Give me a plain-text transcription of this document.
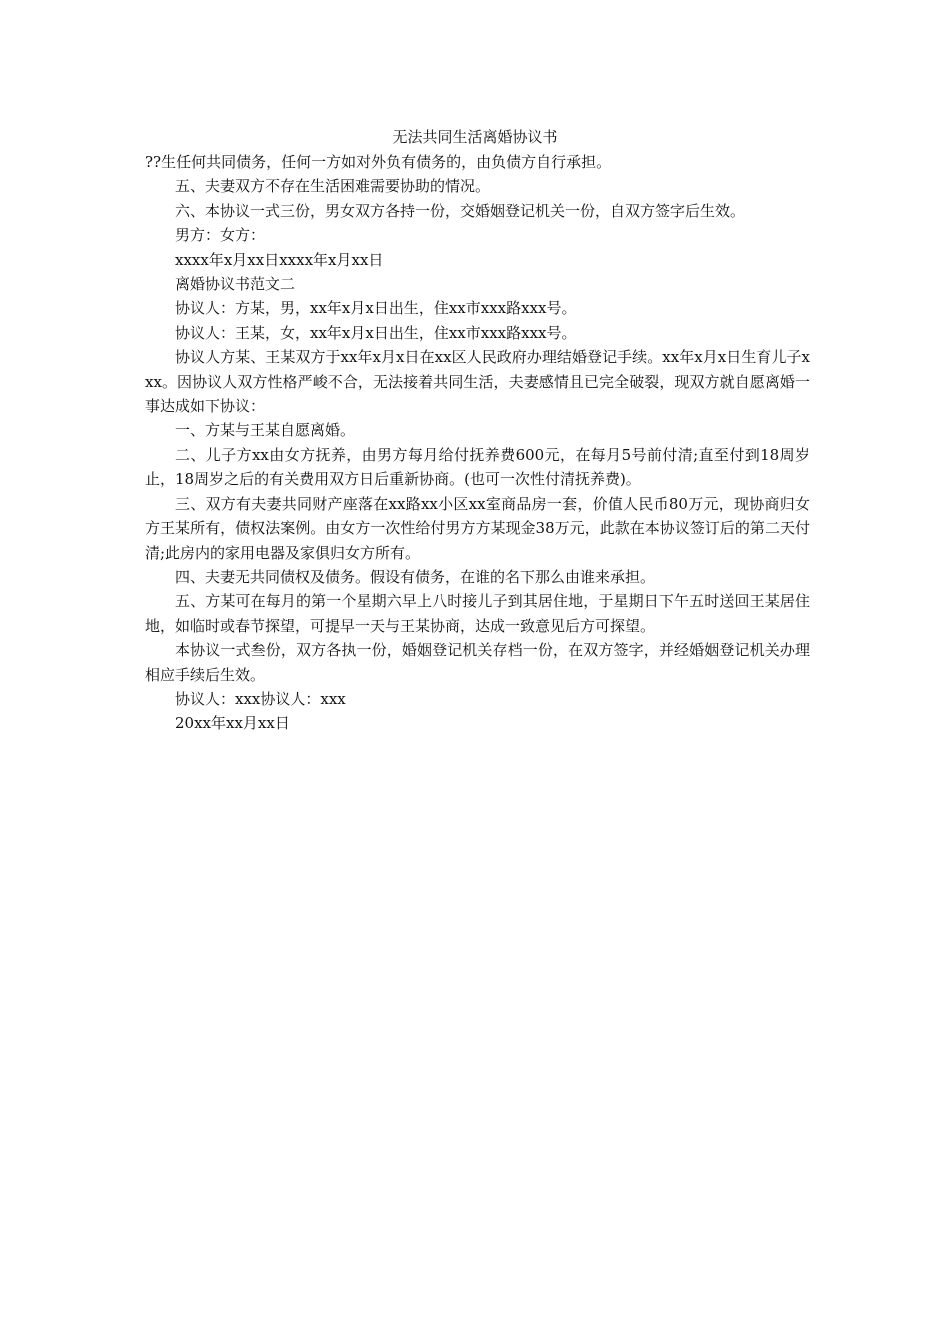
无法共同生活离婚协议书

??生任何共同债务，任何一方如对外负有债务的，由负债方自行承担。

五、夫妻双方不存在生活困难需要协助的情况。

六、本协议一式三份，男女双方各持一份，交婚姻登记机关一份，自双方签字后生效。

男方：女方：

xxxx年x月xx日xxxx年x月xx日

离婚协议书范文二

协议人：方某，男，xx年x月x日出生，住xx市xxx路xxx号。

协议人：王某，女，xx年x月x日出生，住xx市xxx路xxx号。

协议人方某、王某双方于xx年x月x日在xx区人民政府办理结婚登记手续。xx年x月x日生育儿子xxx。因协议人双方性格严峻不合，无法接着共同生活，夫妻感情且已完全破裂，现双方就自愿离婚一事达成如下协议：

一、方某与王某自愿离婚。

二、儿子方xx由女方抚养，由男方每月给付抚养费600元，在每月5号前付清;直至付到18周岁止，18周岁之后的有关费用双方日后重新协商。(也可一次性付清抚养费)。

三、双方有夫妻共同财产座落在xx路xx小区xx室商品房一套，价值人民币80万元，现协商归女方王某所有，债权法案例。由女方一次性给付男方方某现金38万元，此款在本协议签订后的第二天付清;此房内的家用电器及家俱归女方所有。

四、夫妻无共同债权及债务。假设有债务，在谁的名下那么由谁来承担。

五、方某可在每月的第一个星期六早上八时接儿子到其居住地，于星期日下午五时送回王某居住地，如临时或春节探望，可提早一天与王某协商，达成一致意见后方可探望。

本协议一式叁份，双方各执一份，婚姻登记机关存档一份，在双方签字，并经婚姻登记机关办理相应手续后生效。

协议人：xxx协议人：xxx

20xx年xx月xx日
